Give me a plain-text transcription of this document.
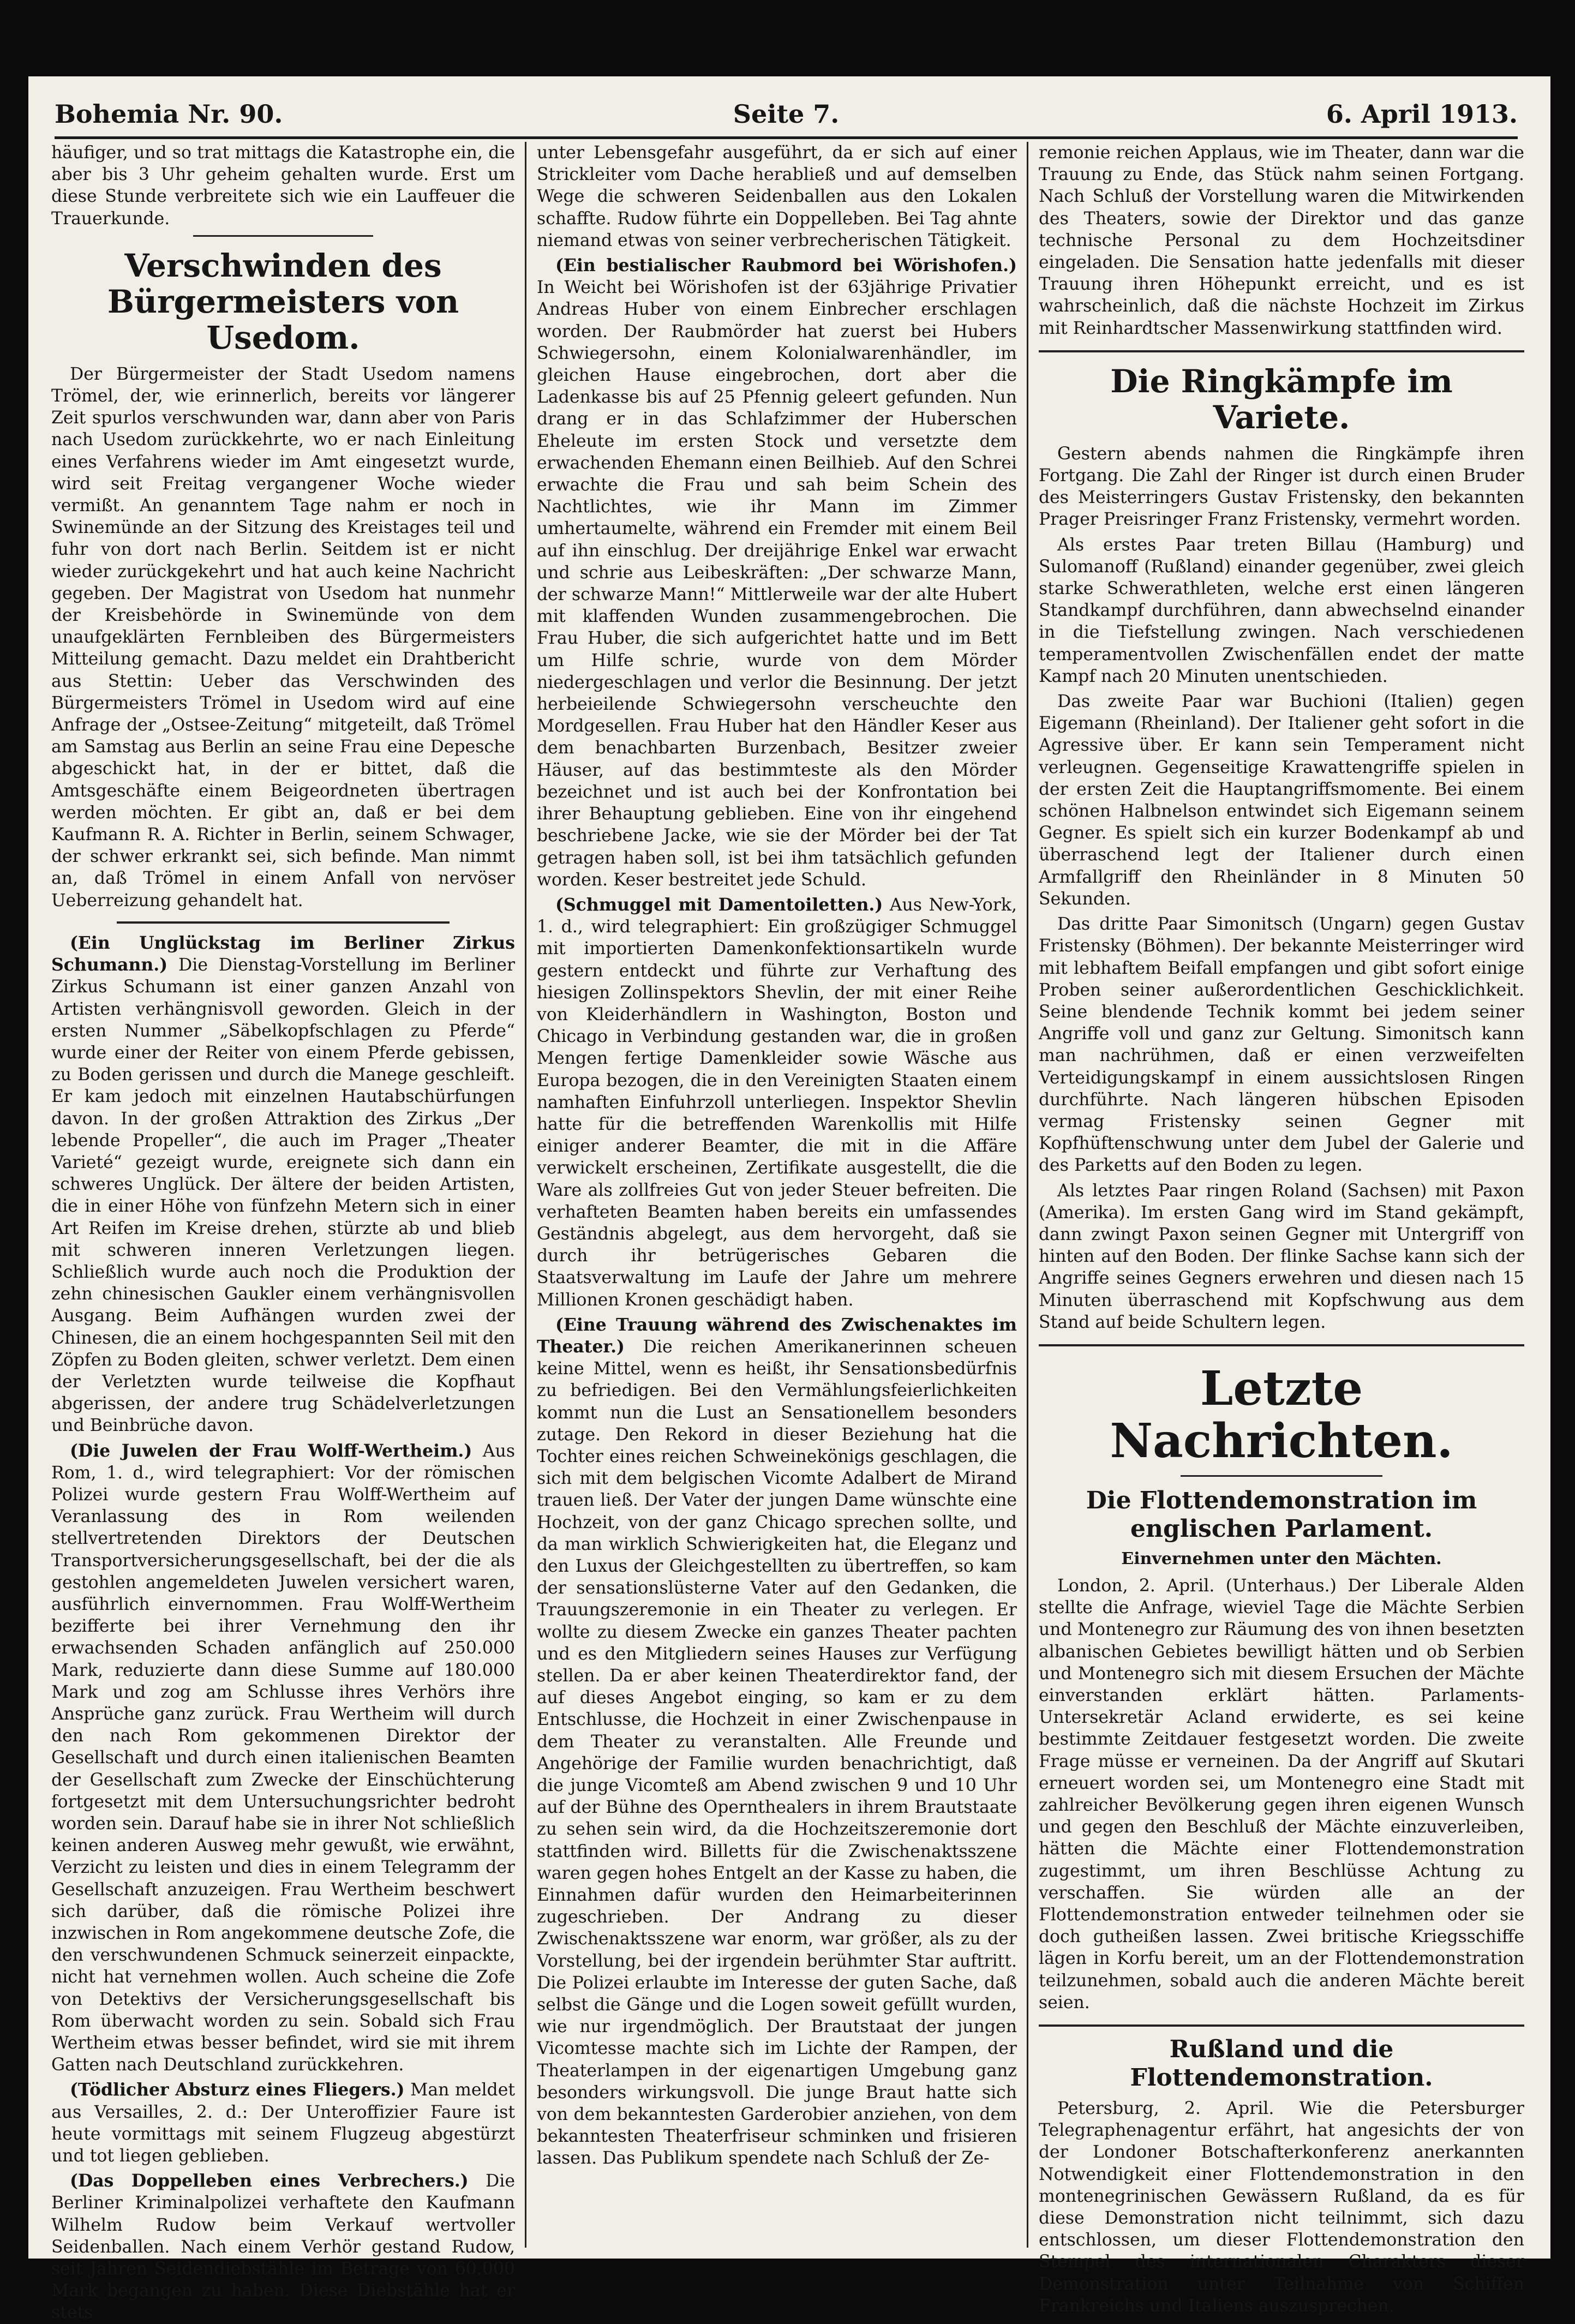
Bohemia Nr. 90.	Seite 7.	6. April 1913.

häufiger, und so trat mittags die Katastrophe ein, die aber bis 3 Uhr geheim gehalten wurde. Erst um diese Stunde verbreitete sich wie ein Lauffeuer die Trauerkunde.

Verschwinden des Bürgermeisters von Usedom.

Der Bürgermeister der Stadt Usedom namens Trömel, der, wie erinnerlich, bereits vor längerer Zeit spurlos verschwunden war, dann aber von Paris nach Usedom zurückkehrte, wo er nach Einleitung eines Verfahrens wieder im Amt eingesetzt wurde, wird seit Freitag vergangener Woche wieder vermißt. An genanntem Tage nahm er noch in Swinemünde an der Sitzung des Kreistages teil und fuhr von dort nach Berlin. Seitdem ist er nicht wieder zurückgekehrt und hat auch keine Nachricht gegeben. Der Magistrat von Usedom hat nunmehr der Kreisbehörde in Swinemünde von dem unaufgeklärten Fernbleiben des Bürgermeisters Mitteilung gemacht. Dazu meldet ein Drahtbericht aus Stettin: Ueber das Verschwinden des Bürgermeisters Trömel in Usedom wird auf eine Anfrage der „Ostsee-Zeitung“ mitgeteilt, daß Trömel am Samstag aus Berlin an seine Frau eine Depesche abgeschickt hat, in der er bittet, daß die Amtsgeschäfte einem Beigeordneten übertragen werden möchten. Er gibt an, daß er bei dem Kaufmann R. A. Richter in Berlin, seinem Schwager, der schwer erkrankt sei, sich befinde. Man nimmt an, daß Trömel in einem Anfall von nervöser Ueberreizung gehandelt hat.

(Ein Unglückstag im Berliner Zirkus Schumann.) Die Dienstag-Vorstellung im Berliner Zirkus Schumann ist einer ganzen Anzahl von Artisten verhängnisvoll geworden. Gleich in der ersten Nummer „Säbelkopfschlagen zu Pferde“ wurde einer der Reiter von einem Pferde gebissen, zu Boden gerissen und durch die Manege geschleift. Er kam jedoch mit einzelnen Hautabschürfungen davon. In der großen Attraktion des Zirkus „Der lebende Propeller“, die auch im Prager „Theater Varieté“ gezeigt wurde, ereignete sich dann ein schweres Unglück. Der ältere der beiden Artisten, die in einer Höhe von fünfzehn Metern sich in einer Art Reifen im Kreise drehen, stürzte ab und blieb mit schweren inneren Verletzungen liegen. Schließlich wurde auch noch die Produktion der zehn chinesischen Gaukler einem verhängnisvollen Ausgang. Beim Aufhängen wurden zwei der Chinesen, die an einem hochgespannten Seil mit den Zöpfen zu Boden gleiten, schwer verletzt. Dem einen der Verletzten wurde teilweise die Kopfhaut abgerissen, der andere trug Schädelverletzungen und Beinbrüche davon.

(Die Juwelen der Frau Wolff-Wertheim.) Aus Rom, 1. d., wird telegraphiert: Vor der römischen Polizei wurde gestern Frau Wolff-Wertheim auf Veranlassung des in Rom weilenden stellvertretenden Direktors der Deutschen Transportversicherungsgesellschaft, bei der die als gestohlen angemeldeten Juwelen versichert waren, ausführlich einvernommen. Frau Wolff-Wertheim bezifferte bei ihrer Vernehmung den ihr erwachsenden Schaden anfänglich auf 250.000 Mark, reduzierte dann diese Summe auf 180.000 Mark und zog am Schlusse ihres Verhörs ihre Ansprüche ganz zurück. Frau Wertheim will durch den nach Rom gekommenen Direktor der Gesellschaft und durch einen italienischen Beamten der Gesellschaft zum Zwecke der Einschüchterung fortgesetzt mit dem Untersuchungsrichter bedroht worden sein. Darauf habe sie in ihrer Not schließlich keinen anderen Ausweg mehr gewußt, wie erwähnt, Verzicht zu leisten und dies in einem Telegramm der Gesellschaft anzuzeigen. Frau Wertheim beschwert sich darüber, daß die römische Polizei ihre inzwischen in Rom angekommene deutsche Zofe, die den verschwundenen Schmuck seinerzeit einpackte, nicht hat vernehmen wollen. Auch scheine die Zofe von Detektivs der Versicherungsgesellschaft bis Rom überwacht worden zu sein. Sobald sich Frau Wertheim etwas besser befindet, wird sie mit ihrem Gatten nach Deutschland zurückkehren.

(Tödlicher Absturz eines Fliegers.) Man meldet aus Versailles, 2. d.: Der Unteroffizier Faure ist heute vormittags mit seinem Flugzeug abgestürzt und tot liegen geblieben.

(Das Doppelleben eines Verbrechers.) Die Berliner Kriminalpolizei verhaftete den Kaufmann Wilhelm Rudow beim Verkauf wertvoller Seidenballen. Nach einem Verhör gestand Rudow, seit Jahren Seidendiebstähle im Betrage von 60.000 Mark begangen zu haben. Diese Diebstähle hat er stets

unter Lebensgefahr ausgeführt, da er sich auf einer Strickleiter vom Dache herabließ und auf demselben Wege die schweren Seidenballen aus den Lokalen schaffte. Rudow führte ein Doppelleben. Bei Tag ahnte niemand etwas von seiner verbrecherischen Tätigkeit.

(Ein bestialischer Raubmord bei Wörishofen.) In Weicht bei Wörishofen ist der 63jährige Privatier Andreas Huber von einem Einbrecher erschlagen worden. Der Raubmörder hat zuerst bei Hubers Schwiegersohn, einem Kolonialwarenhändler, im gleichen Hause eingebrochen, dort aber die Ladenkasse bis auf 25 Pfennig geleert gefunden. Nun drang er in das Schlafzimmer der Huberschen Eheleute im ersten Stock und versetzte dem erwachenden Ehemann einen Beilhieb. Auf den Schrei erwachte die Frau und sah beim Schein des Nachtlichtes, wie ihr Mann im Zimmer umhertaumelte, während ein Fremder mit einem Beil auf ihn einschlug. Der dreijährige Enkel war erwacht und schrie aus Leibeskräften: „Der schwarze Mann, der schwarze Mann!“ Mittlerweile war der alte Hubert mit klaffenden Wunden zusammengebrochen. Die Frau Huber, die sich aufgerichtet hatte und im Bett um Hilfe schrie, wurde von dem Mörder niedergeschlagen und verlor die Besinnung. Der jetzt herbeieilende Schwiegersohn verscheuchte den Mordgesellen. Frau Huber hat den Händler Keser aus dem benachbarten Burzenbach, Besitzer zweier Häuser, auf das bestimmteste als den Mörder bezeichnet und ist auch bei der Konfrontation bei ihrer Behauptung geblieben. Eine von ihr eingehend beschriebene Jacke, wie sie der Mörder bei der Tat getragen haben soll, ist bei ihm tatsächlich gefunden worden. Keser bestreitet jede Schuld.

(Schmuggel mit Damentoiletten.) Aus New-York, 1. d., wird telegraphiert: Ein großzügiger Schmuggel mit importierten Damenkonfektionsartikeln wurde gestern entdeckt und führte zur Verhaftung des hiesigen Zollinspektors Shevlin, der mit einer Reihe von Kleiderhändlern in Washington, Boston und Chicago in Verbindung gestanden war, die in großen Mengen fertige Damenkleider sowie Wäsche aus Europa bezogen, die in den Vereinigten Staaten einem namhaften Einfuhrzoll unterliegen. Inspektor Shevlin hatte für die betreffenden Warenkollis mit Hilfe einiger anderer Beamter, die mit in die Affäre verwickelt erscheinen, Zertifikate ausgestellt, die die Ware als zollfreies Gut von jeder Steuer befreiten. Die verhafteten Beamten haben bereits ein umfassendes Geständnis abgelegt, aus dem hervorgeht, daß sie durch ihr betrügerisches Gebaren die Staatsverwaltung im Laufe der Jahre um mehrere Millionen Kronen geschädigt haben.

(Eine Trauung während des Zwischenaktes im Theater.) Die reichen Amerikanerinnen scheuen keine Mittel, wenn es heißt, ihr Sensationsbedürfnis zu befriedigen. Bei den Vermählungsfeierlichkeiten kommt nun die Lust an Sensationellem besonders zutage. Den Rekord in dieser Beziehung hat die Tochter eines reichen Schweinekönigs geschlagen, die sich mit dem belgischen Vicomte Adalbert de Mirand trauen ließ. Der Vater der jungen Dame wünschte eine Hochzeit, von der ganz Chicago sprechen sollte, und da man wirklich Schwierigkeiten hat, die Eleganz und den Luxus der Gleichgestellten zu übertreffen, so kam der sensationslüsterne Vater auf den Gedanken, die Trauungszeremonie in ein Theater zu verlegen. Er wollte zu diesem Zwecke ein ganzes Theater pachten und es den Mitgliedern seines Hauses zur Verfügung stellen. Da er aber keinen Theaterdirektor fand, der auf dieses Angebot einging, so kam er zu dem Entschlusse, die Hochzeit in einer Zwischenpause in dem Theater zu veranstalten. Alle Freunde und Angehörige der Familie wurden benachrichtigt, daß die junge Vicomteß am Abend zwischen 9 und 10 Uhr auf der Bühne des Opernthealers in ihrem Brautstaate zu sehen sein wird, da die Hochzeitszeremonie dort stattfinden wird. Billetts für die Zwischenaktsszene waren gegen hohes Entgelt an der Kasse zu haben, die Einnahmen dafür wurden den Heimarbeiterinnen zugeschrieben. Der Andrang zu dieser Zwischenaktsszene war enorm, war größer, als zu der Vorstellung, bei der irgendein berühmter Star auftritt. Die Polizei erlaubte im Interesse der guten Sache, daß selbst die Gänge und die Logen soweit gefüllt wurden, wie nur irgendmöglich. Der Brautstaat der jungen Vicomtesse machte sich im Lichte der Rampen, der Theaterlampen in der eigenartigen Umgebung ganz besonders wirkungsvoll. Die junge Braut hatte sich von dem bekanntesten Garderobier anziehen, von dem bekanntesten Theaterfriseur schminken und frisieren lassen. Das Publikum spendete nach Schluß der Ze-

remonie reichen Applaus, wie im Theater, dann war die Trauung zu Ende, das Stück nahm seinen Fortgang. Nach Schluß der Vorstellung waren die Mitwirkenden des Theaters, sowie der Direktor und das ganze technische Personal zu dem Hochzeitsdiner eingeladen. Die Sensation hatte jedenfalls mit dieser Trauung ihren Höhepunkt erreicht, und es ist wahrscheinlich, daß die nächste Hochzeit im Zirkus mit Reinhardtscher Massenwirkung stattfinden wird.

Die Ringkämpfe im Variete.

Gestern abends nahmen die Ringkämpfe ihren Fortgang. Die Zahl der Ringer ist durch einen Bruder des Meisterringers Gustav Fristensky, den bekannten Prager Preisringer Franz Fristensky, vermehrt worden.

Als erstes Paar treten Billau (Hamburg) und Sulomanoff (Rußland) einander gegenüber, zwei gleich starke Schwerathleten, welche erst einen längeren Standkampf durchführen, dann abwechselnd einander in die Tiefstellung zwingen. Nach verschiedenen temperamentvollen Zwischenfällen endet der matte Kampf nach 20 Minuten unentschieden.

Das zweite Paar war Buchioni (Italien) gegen Eigemann (Rheinland). Der Italiener geht sofort in die Agressive über. Er kann sein Temperament nicht verleugnen. Gegenseitige Krawattengriffe spielen in der ersten Zeit die Hauptangriffsmomente. Bei einem schönen Halbnelson entwindet sich Eigemann seinem Gegner. Es spielt sich ein kurzer Bodenkampf ab und überraschend legt der Italiener durch einen Armfallgriff den Rheinländer in 8 Minuten 50 Sekunden.

Das dritte Paar Simonitsch (Ungarn) gegen Gustav Fristensky (Böhmen). Der bekannte Meisterringer wird mit lebhaftem Beifall empfangen und gibt sofort einige Proben seiner außerordentlichen Geschicklichkeit. Seine blendende Technik kommt bei jedem seiner Angriffe voll und ganz zur Geltung. Simonitsch kann man nachrühmen, daß er einen verzweifelten Verteidigungskampf in einem aussichtslosen Ringen durchführte. Nach längeren hübschen Episoden vermag Fristensky seinen Gegner mit Kopfhüftenschwung unter dem Jubel der Galerie und des Parketts auf den Boden zu legen.

Als letztes Paar ringen Roland (Sachsen) mit Paxon (Amerika). Im ersten Gang wird im Stand gekämpft, dann zwingt Paxon seinen Gegner mit Untergriff von hinten auf den Boden. Der flinke Sachse kann sich der Angriffe seines Gegners erwehren und diesen nach 15 Minuten überraschend mit Kopfschwung aus dem Stand auf beide Schultern legen.

Letzte Nachrichten.
Die Flottendemonstration im englischen Parlament.
Einvernehmen unter den Mächten.

London, 2. April. (Unterhaus.) Der Liberale Alden stellte die Anfrage, wieviel Tage die Mächte Serbien und Montenegro zur Räumung des von ihnen besetzten albanischen Gebietes bewilligt hätten und ob Serbien und Montenegro sich mit diesem Ersuchen der Mächte einverstanden erklärt hätten. Parlaments-Untersekretär Acland erwiderte, es sei keine bestimmte Zeitdauer festgesetzt worden. Die zweite Frage müsse er verneinen. Da der Angriff auf Skutari erneuert worden sei, um Montenegro eine Stadt mit zahlreicher Bevölkerung gegen ihren eigenen Wunsch und gegen den Beschluß der Mächte einzuverleiben, hätten die Mächte einer Flottendemonstration zugestimmt, um ihren Beschlüsse Achtung zu verschaffen. Sie würden alle an der Flottendemonstration entweder teilnehmen oder sie doch gutheißen lassen. Zwei britische Kriegsschiffe lägen in Korfu bereit, um an der Flottendemonstration teilzunehmen, sobald auch die anderen Mächte bereit seien.

Rußland und die Flottendemonstration.

Petersburg, 2. April. Wie die Petersburger Telegraphenagentur erfährt, hat angesichts der von der Londoner Botschafterkonferenz anerkannten Notwendigkeit einer Flottendemonstration in den montenegrinischen Gewässern Rußland, da es für diese Demonstration nicht teilnimmt, sich dazu entschlossen, um dieser Flottendemonstration den Stempel des internationalen Charakters dieser Demonstration unter Teilnahme von Schiffen Frankreichs und Italiens auszusprechen.
